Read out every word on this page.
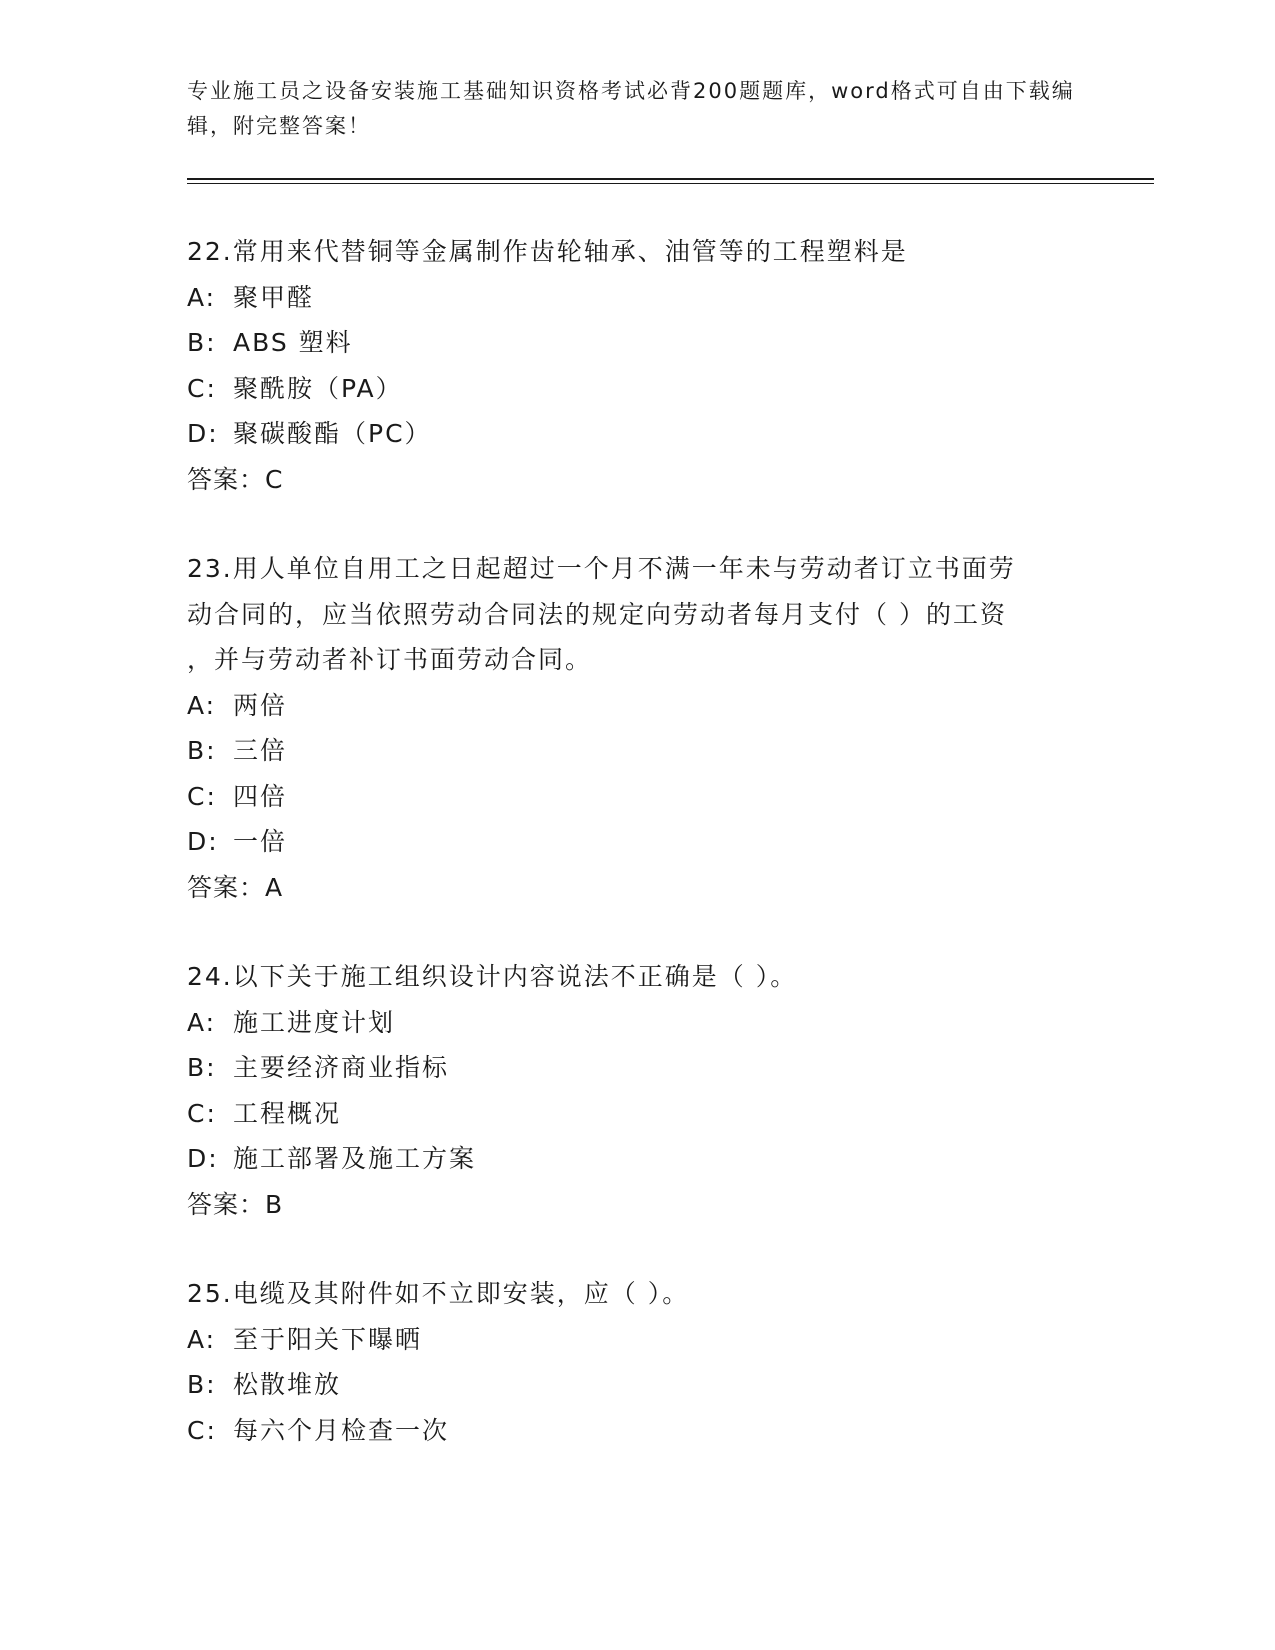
专业施工员之设备安装施工基础知识资格考试必背200题题库，word格式可自由下载编辑，附完整答案！
22.常用来代替铜等金属制作齿轮轴承、油管等的工程塑料是
A: 聚甲醛
B: ABS 塑料
C: 聚酰胺（PA）
D: 聚碳酸酯（PC）
答案：C
23.用人单位自用工之日起超过一个月不满一年未与劳动者订立书面劳
动合同的，应当依照劳动合同法的规定向劳动者每月支付（ ）的工资
，并与劳动者补订书面劳动合同。
A: 两倍
B: 三倍
C: 四倍
D: 一倍
答案：A
24.以下关于施工组织设计内容说法不正确是（ ）。
A: 施工进度计划
B: 主要经济商业指标
C: 工程概况
D: 施工部署及施工方案
答案：B
25.电缆及其附件如不立即安装，应（ ）。
A: 至于阳关下曝晒
B: 松散堆放
C: 每六个月检查一次
